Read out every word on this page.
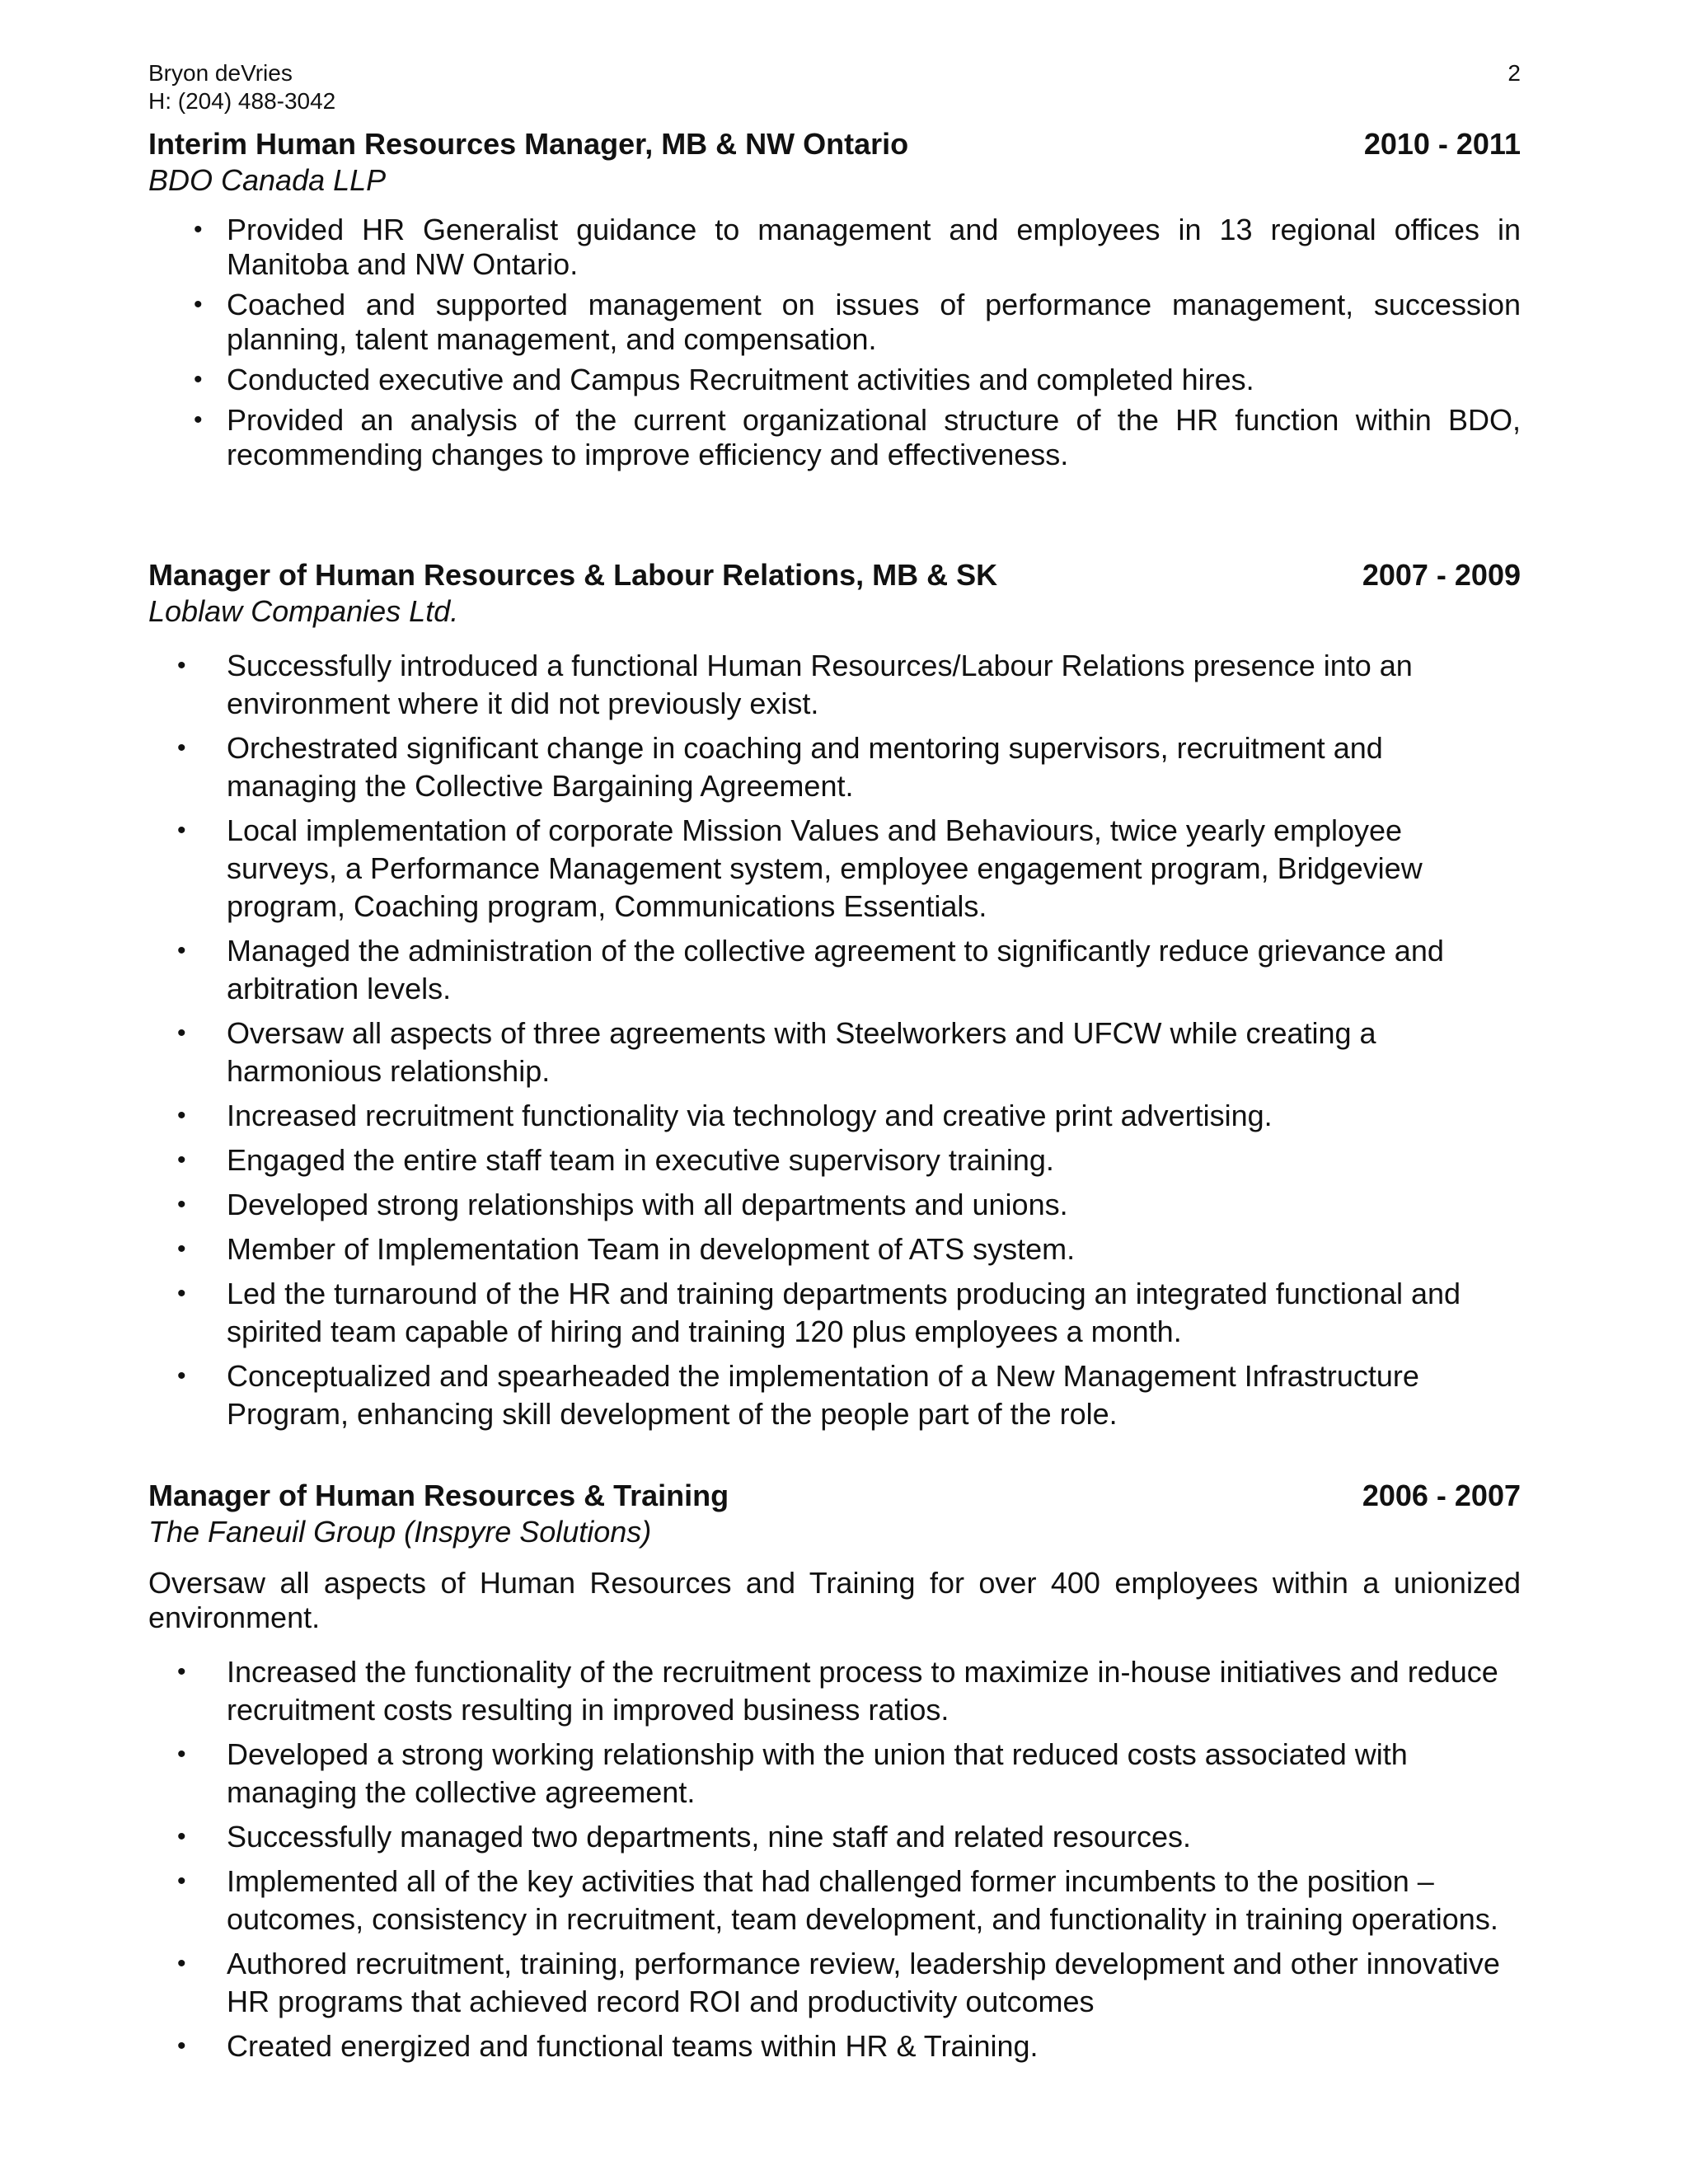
Bryon deVries
H: (204) 488-3042
2
Interim Human Resources Manager, MB & NW Ontario	2010 - 2011
BDO Canada LLP
• Provided HR Generalist guidance to management and employees in 13 regional offices in Manitoba and NW Ontario.
• Coached and supported management on issues of performance management, succession planning, talent management, and compensation.
• Conducted executive and Campus Recruitment activities and completed hires.
• Provided an analysis of the current organizational structure of the HR function within BDO, recommending changes to improve efficiency and effectiveness.
Manager of Human Resources & Labour Relations, MB & SK	2007 - 2009
Loblaw Companies Ltd.
• Successfully introduced a functional Human Resources/Labour Relations presence into an environment where it did not previously exist.
• Orchestrated significant change in coaching and mentoring supervisors, recruitment and managing the Collective Bargaining Agreement.
• Local implementation of corporate Mission Values and Behaviours, twice yearly employee surveys, a Performance Management system, employee engagement program, Bridgeview program, Coaching program, Communications Essentials.
• Managed the administration of the collective agreement to significantly reduce grievance and arbitration levels.
• Oversaw all aspects of three agreements with Steelworkers and UFCW while creating a harmonious relationship.
• Increased recruitment functionality via technology and creative print advertising.
• Engaged the entire staff team in executive supervisory training.
• Developed strong relationships with all departments and unions.
• Member of Implementation Team in development of ATS system.
• Led the turnaround of the HR and training departments producing an integrated functional and spirited team capable of hiring and training 120 plus employees a month.
• Conceptualized and spearheaded the implementation of a New Management Infrastructure Program, enhancing skill development of the people part of the role.
Manager of Human Resources & Training	2006 - 2007
The Faneuil Group (Inspyre Solutions)
Oversaw all aspects of Human Resources and Training for over 400 employees within a unionized environment.
• Increased the functionality of the recruitment process to maximize in-house initiatives and reduce recruitment costs resulting in improved business ratios.
• Developed a strong working relationship with the union that reduced costs associated with managing the collective agreement.
• Successfully managed two departments, nine staff and related resources.
• Implemented all of the key activities that had challenged former incumbents to the position – outcomes, consistency in recruitment, team development, and functionality in training operations.
• Authored recruitment, training, performance review, leadership development and other innovative HR programs that achieved record ROI and productivity outcomes
• Created energized and functional teams within HR & Training.
